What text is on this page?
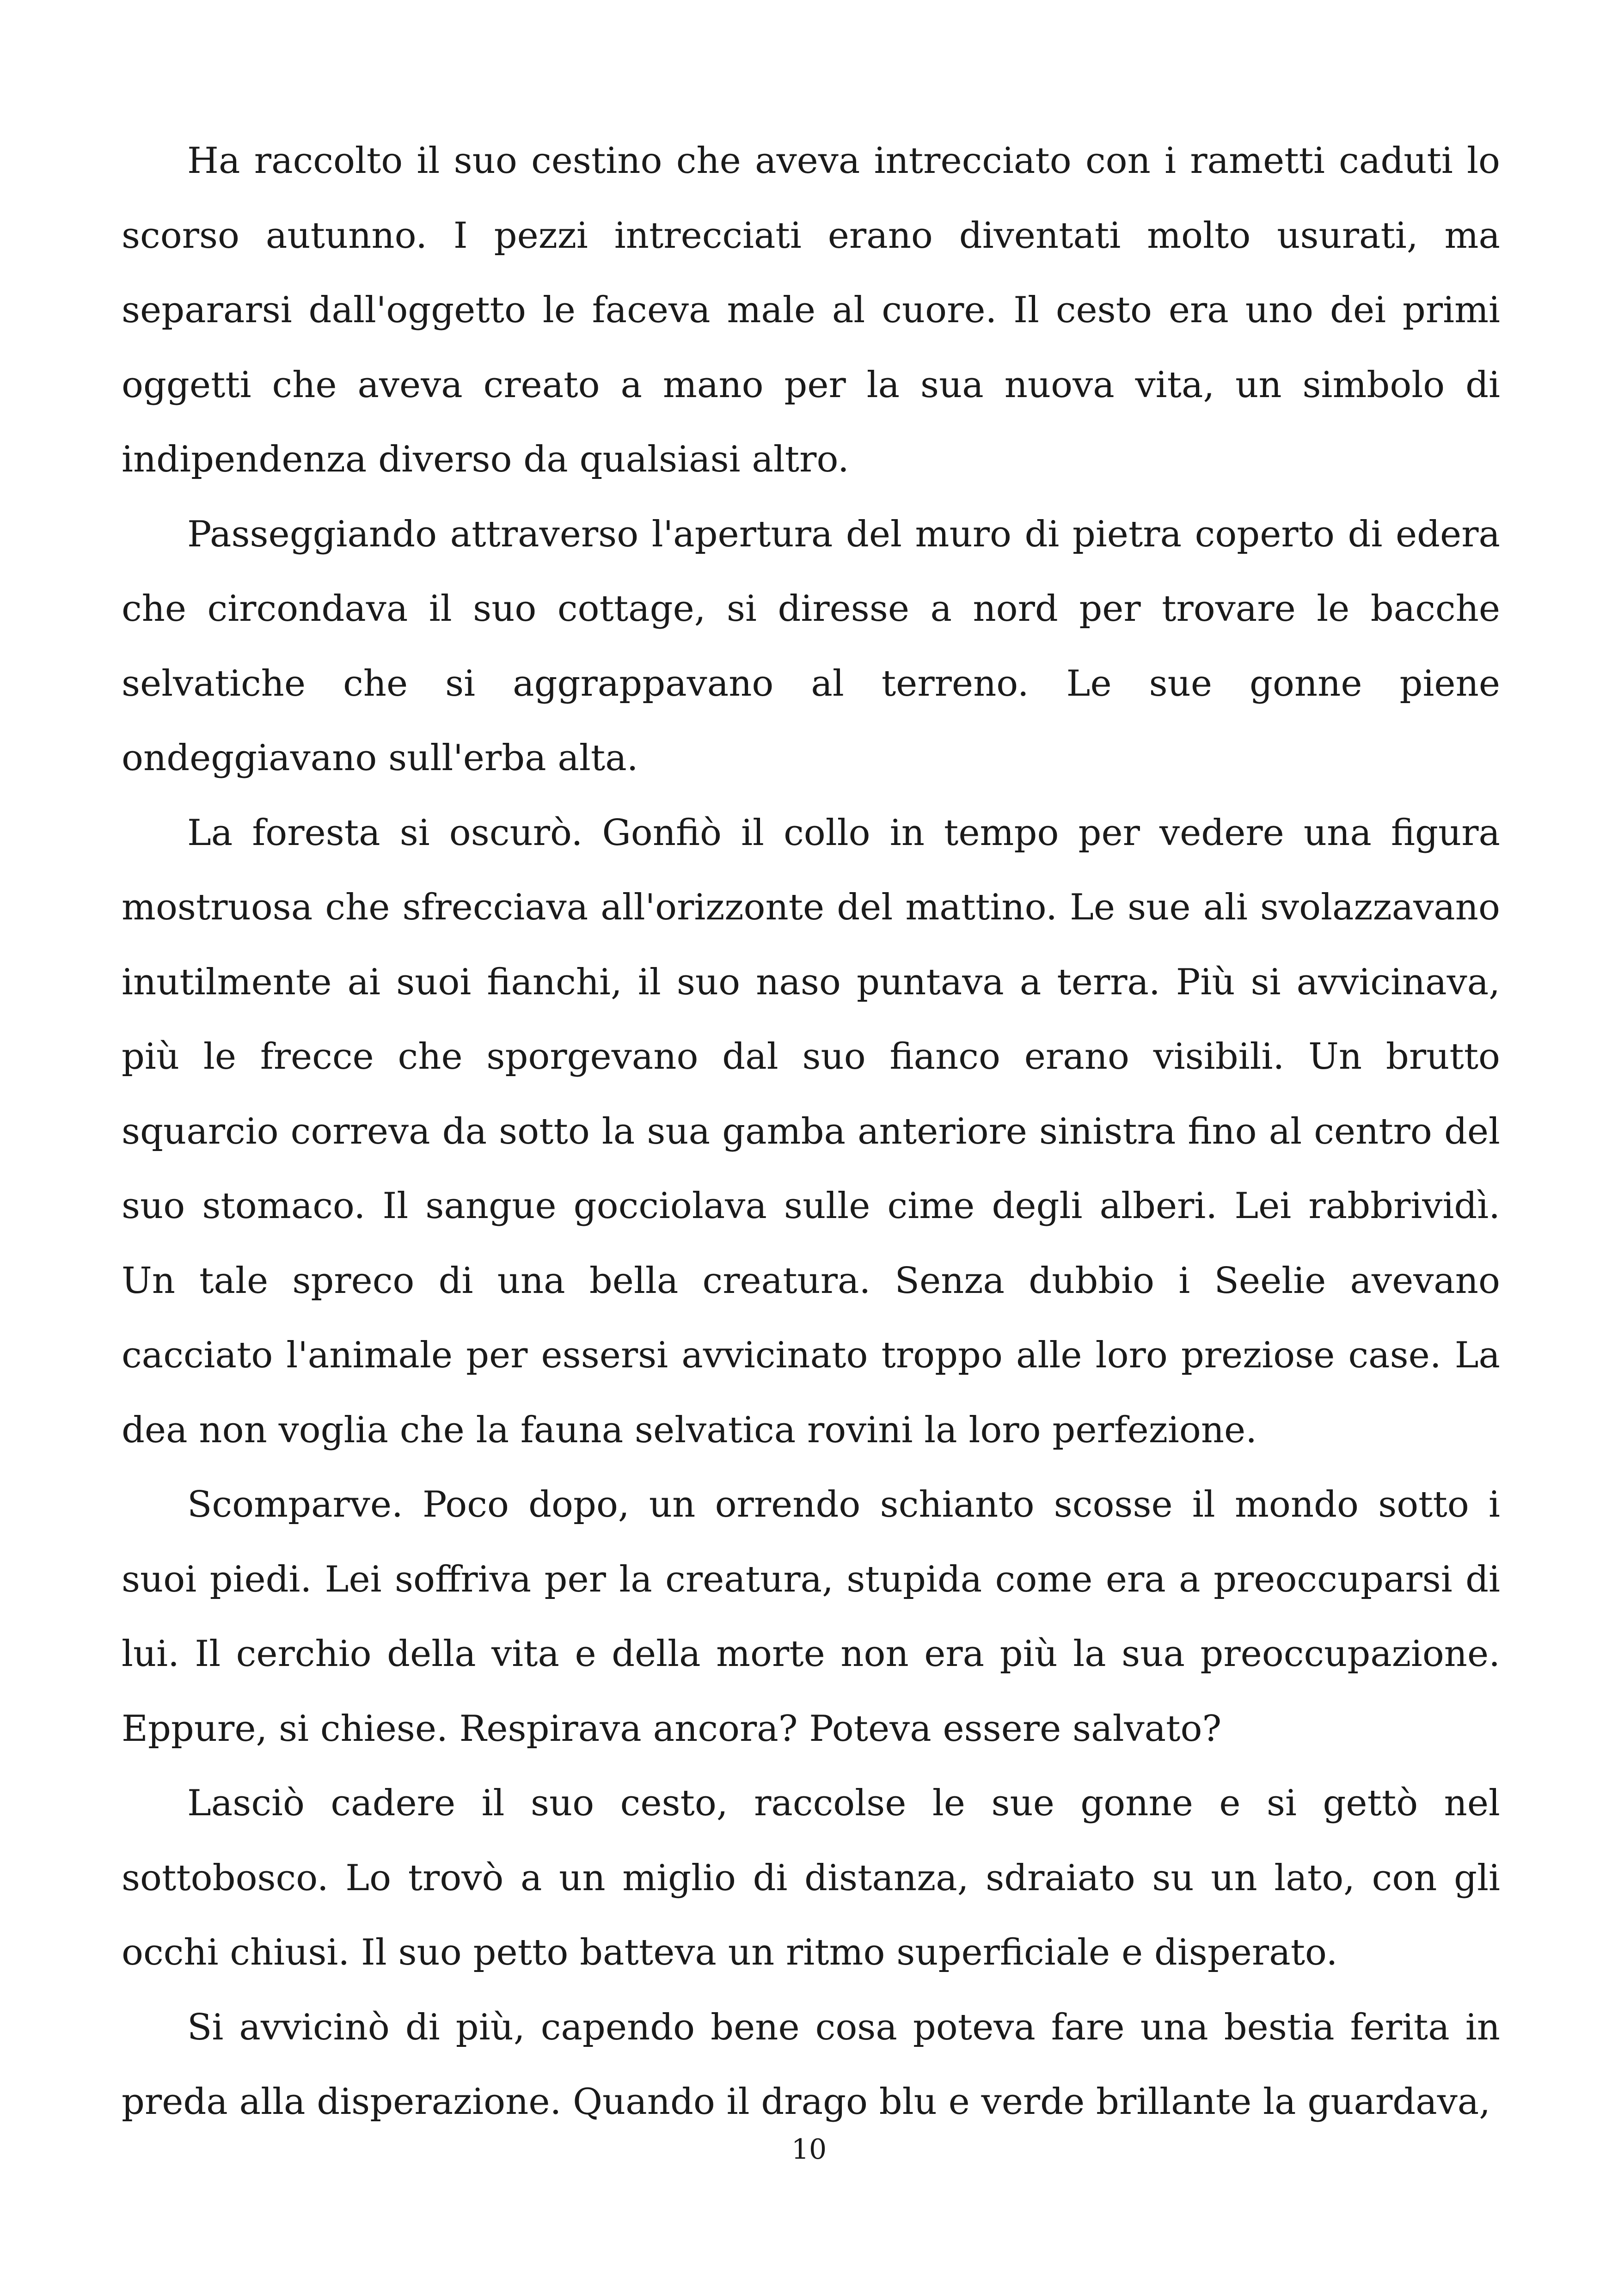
Ha raccolto il suo cestino che aveva intrecciato con i rametti caduti lo scorso autunno. I pezzi intrecciati erano diventati molto usurati, ma separarsi dall'oggetto le faceva male al cuore. Il cesto era uno dei primi oggetti che aveva creato a mano per la sua nuova vita, un simbolo di indipendenza diverso da qualsiasi altro.

Passeggiando attraverso l'apertura del muro di pietra coperto di edera che circondava il suo cottage, si diresse a nord per trovare le bacche selvatiche che si aggrappavano al terreno. Le sue gonne piene ondeggiavano sull'erba alta.

La foresta si oscurò. Gonfiò il collo in tempo per vedere una figura mostruosa che sfrecciava all'orizzonte del mattino. Le sue ali svolazzavano inutilmente ai suoi fianchi, il suo naso puntava a terra. Più si avvicinava, più le frecce che sporgevano dal suo fianco erano visibili. Un brutto squarcio correva da sotto la sua gamba anteriore sinistra fino al centro del suo stomaco. Il sangue gocciolava sulle cime degli alberi. Lei rabbrividì. Un tale spreco di una bella creatura. Senza dubbio i Seelie avevano cacciato l'animale per essersi avvicinato troppo alle loro preziose case. La dea non voglia che la fauna selvatica rovini la loro perfezione.

Scomparve. Poco dopo, un orrendo schianto scosse il mondo sotto i suoi piedi. Lei soffriva per la creatura, stupida come era a preoccuparsi di lui. Il cerchio della vita e della morte non era più la sua preoccupazione. Eppure, si chiese. Respirava ancora? Poteva essere salvato?

Lasciò cadere il suo cesto, raccolse le sue gonne e si gettò nel sottobosco. Lo trovò a un miglio di distanza, sdraiato su un lato, con gli occhi chiusi. Il suo petto batteva un ritmo superficiale e disperato.

Si avvicinò di più, capendo bene cosa poteva fare una bestia ferita in preda alla disperazione. Quando il drago blu e verde brillante la guardava,

10
